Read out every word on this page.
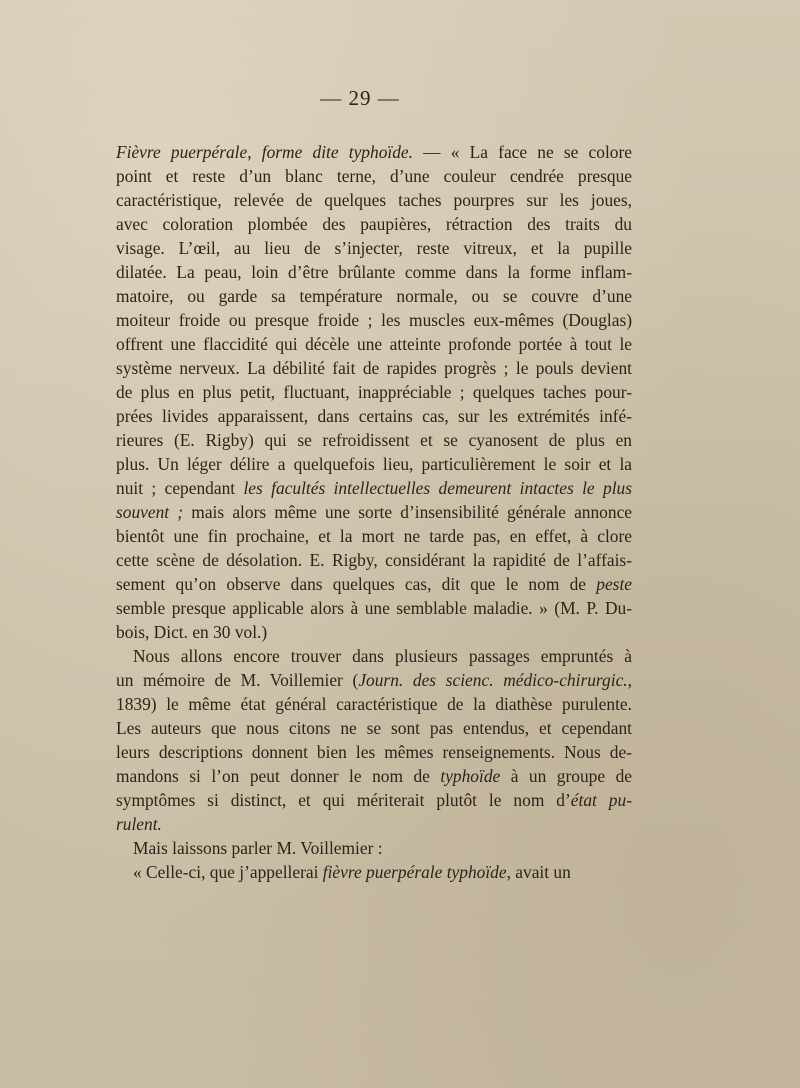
— 29 —
Fièvre puerpérale, forme dite typhoïde. — « La face ne se colore
point et reste d’un blanc terne, d’une couleur cendrée presque
caractéristique, relevée de quelques taches pourpres sur les joues,
avec coloration plombée des paupières, rétraction des traits du
visage. L’œil, au lieu de s’injecter, reste vitreux, et la pupille
dilatée. La peau, loin d’être brûlante comme dans la forme inflam-
matoire, ou garde sa température normale, ou se couvre d’une
moiteur froide ou presque froide ; les muscles eux-mêmes (Douglas)
offrent une flaccidité qui décèle une atteinte profonde portée à tout le
système nerveux. La débilité fait de rapides progrès ; le pouls devient
de plus en plus petit, fluctuant, inappréciable ; quelques taches pour-
prées livides apparaissent, dans certains cas, sur les extrémités infé-
rieures (E. Rigby) qui se refroidissent et se cyanosent de plus en
plus. Un léger délire a quelquefois lieu, particulièrement le soir et la
nuit ; cependant les facultés intellectuelles demeurent intactes le plus
souvent ; mais alors même une sorte d’insensibilité générale annonce
bientôt une fin prochaine, et la mort ne tarde pas, en effet, à clore
cette scène de désolation. E. Rigby, considérant la rapidité de l’affais-
sement qu’on observe dans quelques cas, dit que le nom de peste
semble presque applicable alors à une semblable maladie. » (M. P. Du-
bois, Dict. en 30 vol.)
Nous allons encore trouver dans plusieurs passages empruntés à
un mémoire de M. Voillemier (Journ. des scienc. médico-chirurgic.,
1839) le même état général caractéristique de la diathèse purulente.
Les auteurs que nous citons ne se sont pas entendus, et cependant
leurs descriptions donnent bien les mêmes renseignements. Nous de-
mandons si l’on peut donner le nom de typhoïde à un groupe de
symptômes si distinct, et qui mériterait plutôt le nom d’état pu-
rulent.
Mais laissons parler M. Voillemier :
« Celle-ci, que j’appellerai fièvre puerpérale typhoïde, avait un
